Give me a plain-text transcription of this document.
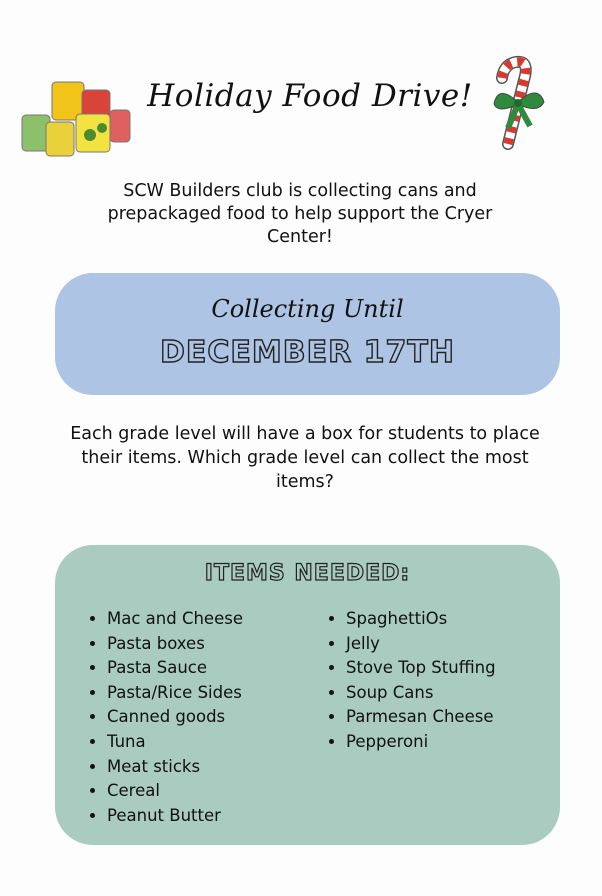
Holiday Food Drive!
SCW Builders club is collecting cans and prepackaged food to help support the Cryer Center!
Collecting Until
DECEMBER 17TH
Each grade level will have a box for students to place their items. Which grade level can collect the most items?
ITEMS NEEDED:
• Mac and Cheese
• Pasta boxes
• Pasta Sauce
• Pasta/Rice Sides
• Canned goods
• Tuna
• Meat sticks
• Cereal
• Peanut Butter
• SpaghettiOs
• Jelly
• Stove Top Stuffing
• Soup Cans
• Parmesan Cheese
• Pepperoni
